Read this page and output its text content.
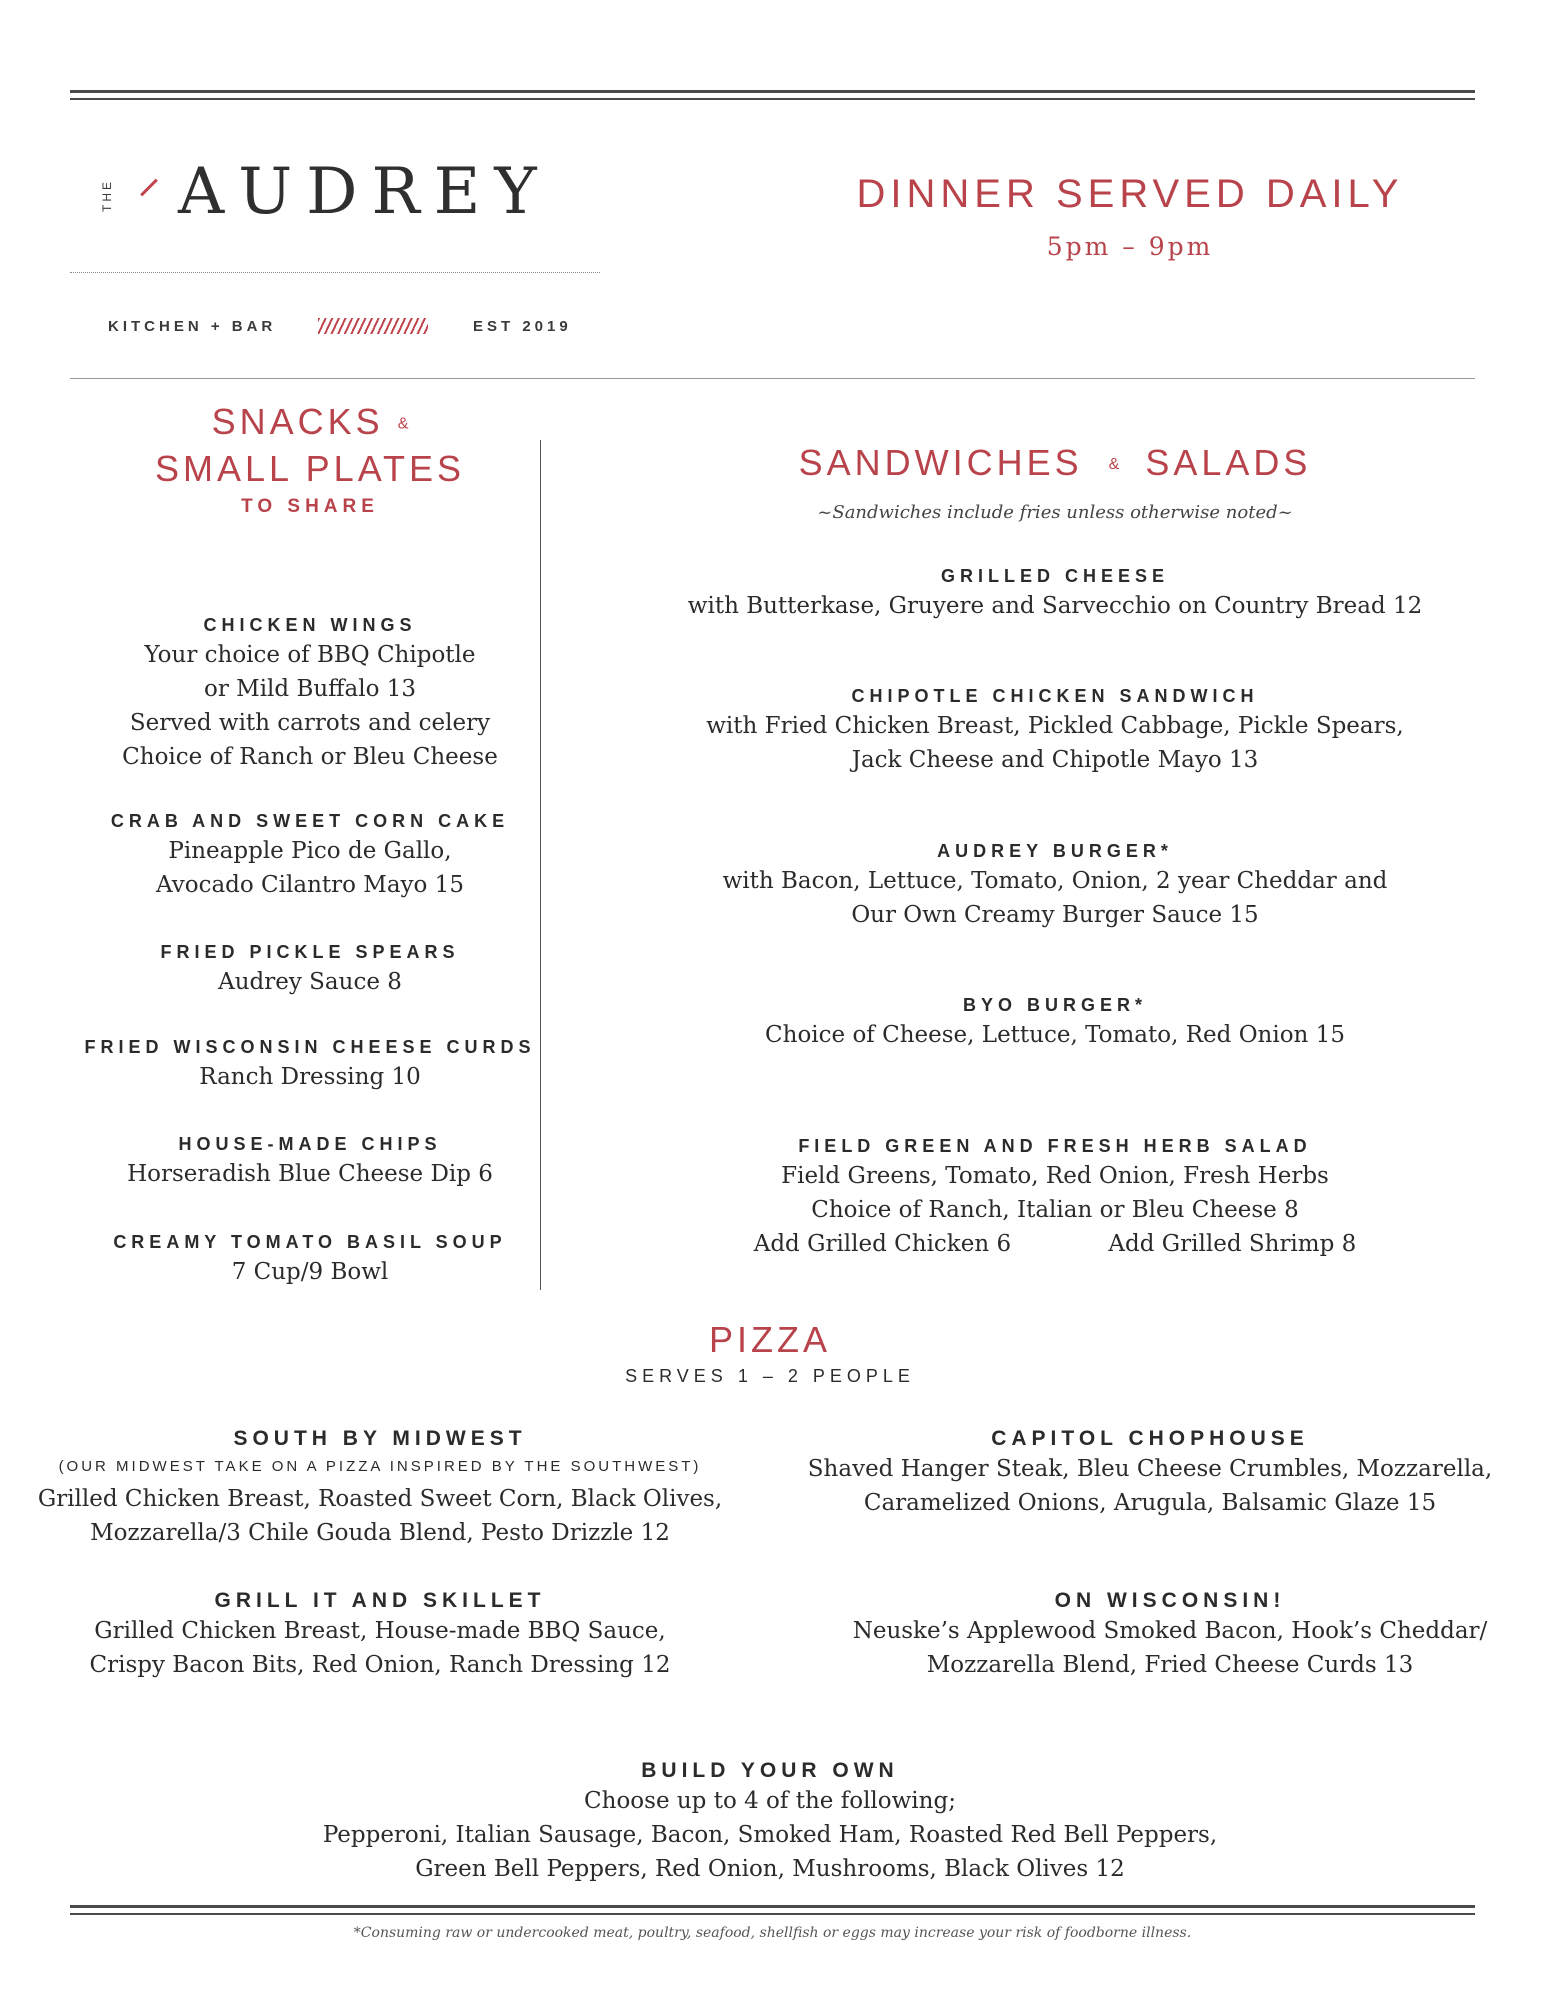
THE AUDREY
KITCHEN + BAR	EST 2019
DINNER SERVED DAILY
5pm – 9pm
SNACKS &
SMALL PLATES
TO SHARE
CHICKEN WINGS
Your choice of BBQ Chipotle
or Mild Buffalo 13
Served with carrots and celery
Choice of Ranch or Bleu Cheese
CRAB AND SWEET CORN CAKE
Pineapple Pico de Gallo,
Avocado Cilantro Mayo 15
FRIED PICKLE SPEARS
Audrey Sauce 8
FRIED WISCONSIN CHEESE CURDS
Ranch Dressing 10
HOUSE-MADE CHIPS
Horseradish Blue Cheese Dip 6
CREAMY TOMATO BASIL SOUP
7 Cup/9 Bowl
SANDWICHES & SALADS
~Sandwiches include fries unless otherwise noted~
GRILLED CHEESE
with Butterkase, Gruyere and Sarvecchio on Country Bread 12
CHIPOTLE CHICKEN SANDWICH
with Fried Chicken Breast, Pickled Cabbage, Pickle Spears,
Jack Cheese and Chipotle Mayo 13
AUDREY BURGER*
with Bacon, Lettuce, Tomato, Onion, 2 year Cheddar and
Our Own Creamy Burger Sauce 15
BYO BURGER*
Choice of Cheese, Lettuce, Tomato, Red Onion 15
FIELD GREEN AND FRESH HERB SALAD
Field Greens, Tomato, Red Onion, Fresh Herbs
Choice of Ranch, Italian or Bleu Cheese 8
Add Grilled Chicken 6	Add Grilled Shrimp 8
PIZZA
SERVES 1 – 2 PEOPLE
SOUTH BY MIDWEST
(OUR MIDWEST TAKE ON A PIZZA INSPIRED BY THE SOUTHWEST)
Grilled Chicken Breast, Roasted Sweet Corn, Black Olives,
Mozzarella/3 Chile Gouda Blend, Pesto Drizzle 12
CAPITOL CHOPHOUSE
Shaved Hanger Steak, Bleu Cheese Crumbles, Mozzarella,
Caramelized Onions, Arugula, Balsamic Glaze 15
GRILL IT AND SKILLET
Grilled Chicken Breast, House-made BBQ Sauce,
Crispy Bacon Bits, Red Onion, Ranch Dressing 12
ON WISCONSIN!
Neuske’s Applewood Smoked Bacon, Hook’s Cheddar/
Mozzarella Blend, Fried Cheese Curds 13
BUILD YOUR OWN
Choose up to 4 of the following;
Pepperoni, Italian Sausage, Bacon, Smoked Ham, Roasted Red Bell Peppers,
Green Bell Peppers, Red Onion, Mushrooms, Black Olives 12
*Consuming raw or undercooked meat, poultry, seafood, shellfish or eggs may increase your risk of foodborne illness.
